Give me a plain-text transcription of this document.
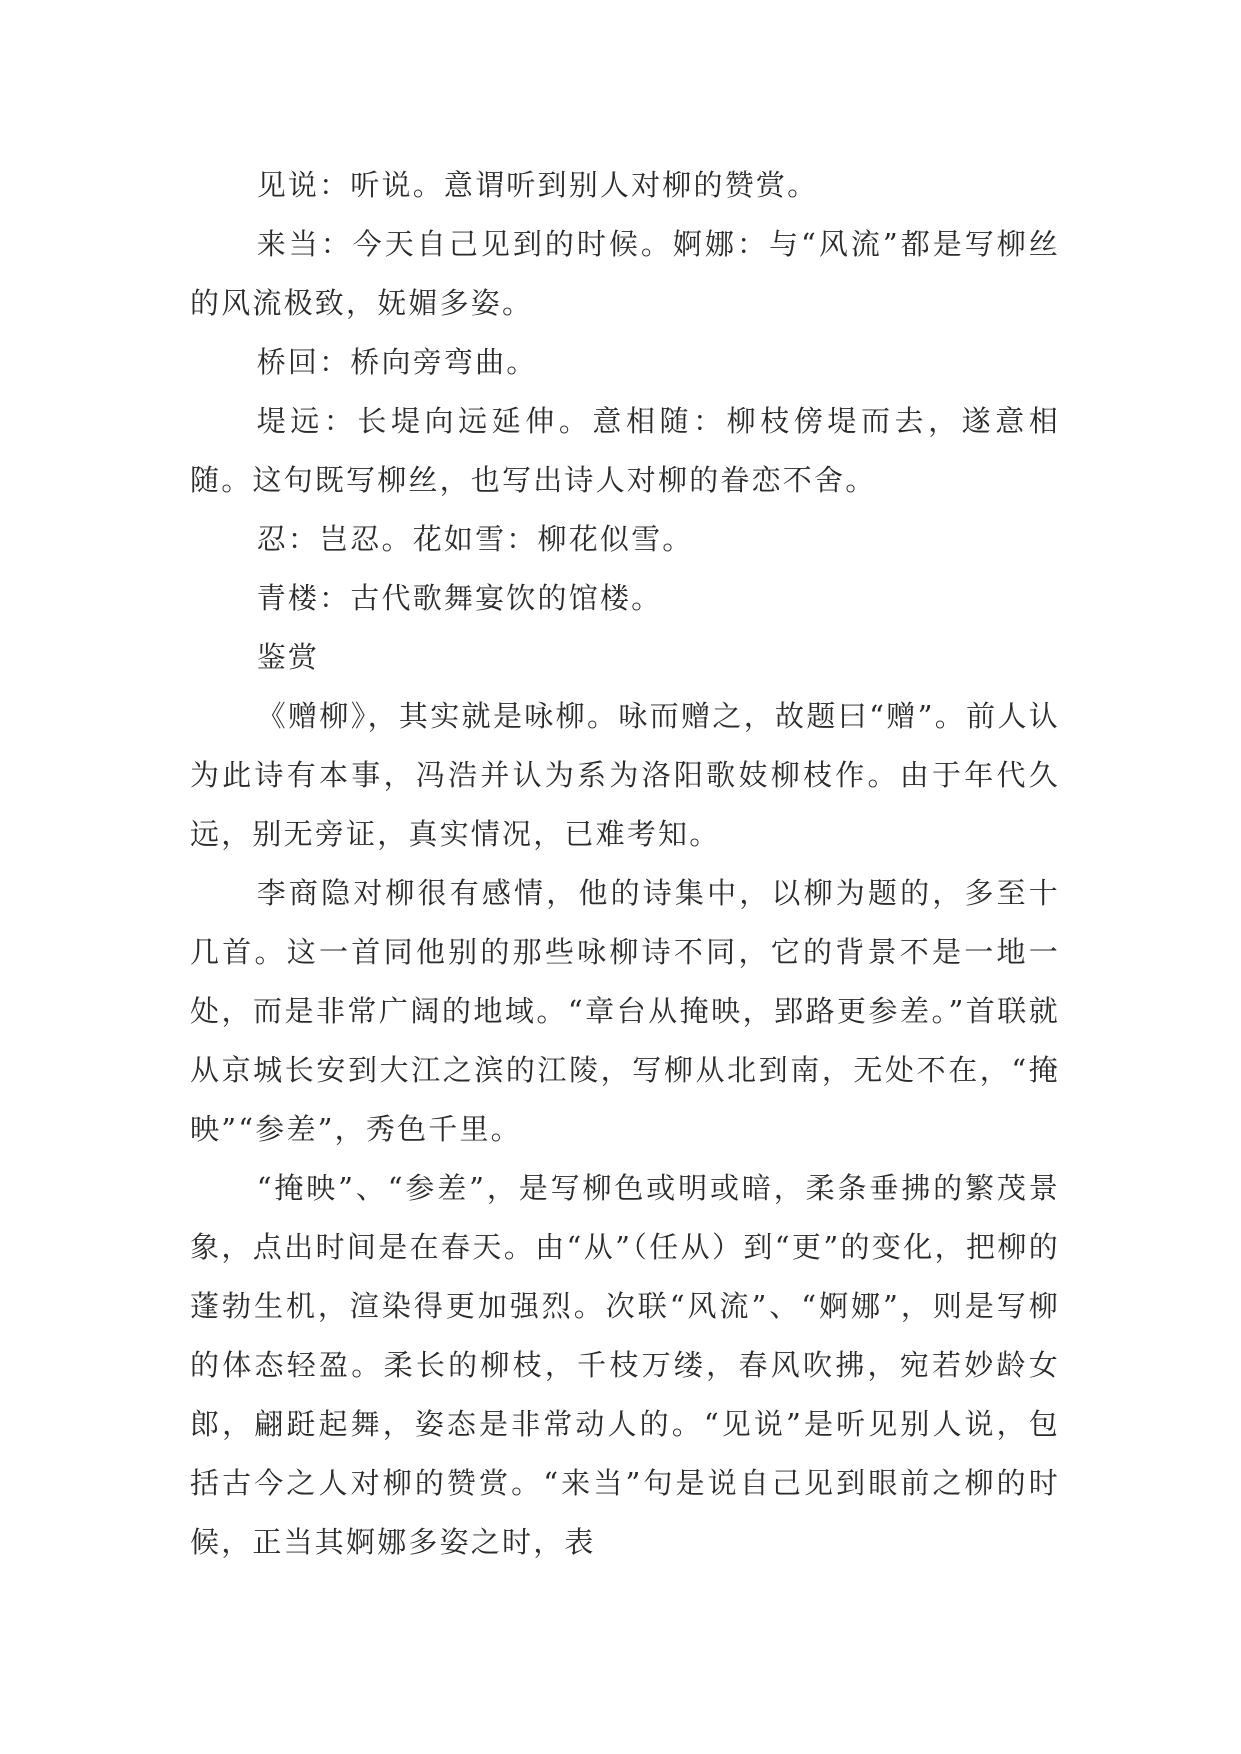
见说：听说。意谓听到别人对柳的赞赏。

来当：今天自己见到的时候。婀娜：与“风流”都是写柳丝的风流极致，妩媚多姿。

桥回：桥向旁弯曲。

堤远：长堤向远延伸。意相随：柳枝傍堤而去，遂意相随。这句既写柳丝，也写出诗人对柳的眷恋不舍。

忍：岂忍。花如雪：柳花似雪。

青楼：古代歌舞宴饮的馆楼。

鉴赏

《赠柳》，其实就是咏柳。咏而赠之，故题曰“赠”。前人认为此诗有本事，冯浩并认为系为洛阳歌妓柳枝作。由于年代久远，别无旁证，真实情况，已难考知。

李商隐对柳很有感情，他的诗集中，以柳为题的，多至十几首。这一首同他别的那些咏柳诗不同，它的背景不是一地一处，而是非常广阔的地域。“章台从掩映，郢路更参差。”首联就从京城长安到大江之滨的江陵，写柳从北到南，无处不在，“掩映”“参差”，秀色千里。

“掩映”、“参差”，是写柳色或明或暗，柔条垂拂的繁茂景象，点出时间是在春天。由“从”（任从）到“更”的变化，把柳的蓬勃生机，渲染得更加强烈。次联“风流”、“婀娜”，则是写柳的体态轻盈。柔长的柳枝，千枝万缕，春风吹拂，宛若妙龄女郎，翩跹起舞，姿态是非常动人的。“见说”是听见别人说，包括古今之人对柳的赞赏。“来当”句是说自己见到眼前之柳的时候，正当其婀娜多姿之时，表
